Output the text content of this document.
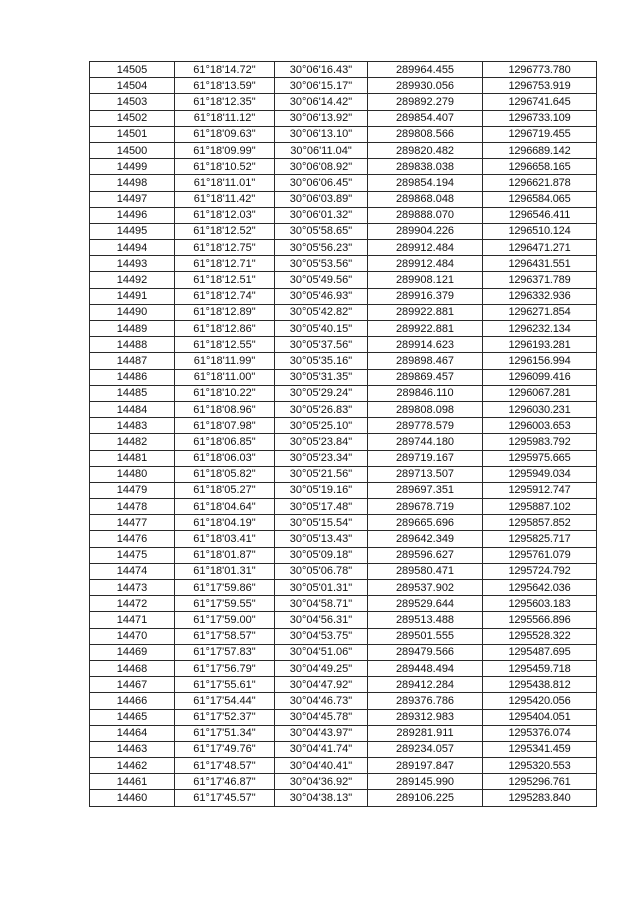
14505	61°18'14.72"	30°06'16.43"	289964.455	1296773.780
14504	61°18'13.59"	30°06'15.17"	289930.056	1296753.919
14503	61°18'12.35"	30°06'14.42"	289892.279	1296741.645
14502	61°18'11.12"	30°06'13.92"	289854.407	1296733.109
14501	61°18'09.63"	30°06'13.10"	289808.566	1296719.455
14500	61°18'09.99"	30°06'11.04"	289820.482	1296689.142
14499	61°18'10.52"	30°06'08.92"	289838.038	1296658.165
14498	61°18'11.01"	30°06'06.45"	289854.194	1296621.878
14497	61°18'11.42"	30°06'03.89"	289868.048	1296584.065
14496	61°18'12.03"	30°06'01.32"	289888.070	1296546.411
14495	61°18'12.52"	30°05'58.65"	289904.226	1296510.124
14494	61°18'12.75"	30°05'56.23"	289912.484	1296471.271
14493	61°18'12.71"	30°05'53.56"	289912.484	1296431.551
14492	61°18'12.51"	30°05'49.56"	289908.121	1296371.789
14491	61°18'12.74"	30°05'46.93"	289916.379	1296332.936
14490	61°18'12.89"	30°05'42.82"	289922.881	1296271.854
14489	61°18'12.86"	30°05'40.15"	289922.881	1296232.134
14488	61°18'12.55"	30°05'37.56"	289914.623	1296193.281
14487	61°18'11.99"	30°05'35.16"	289898.467	1296156.994
14486	61°18'11.00"	30°05'31.35"	289869.457	1296099.416
14485	61°18'10.22"	30°05'29.24"	289846.110	1296067.281
14484	61°18'08.96"	30°05'26.83"	289808.098	1296030.231
14483	61°18'07.98"	30°05'25.10"	289778.579	1296003.653
14482	61°18'06.85"	30°05'23.84"	289744.180	1295983.792
14481	61°18'06.03"	30°05'23.34"	289719.167	1295975.665
14480	61°18'05.82"	30°05'21.56"	289713.507	1295949.034
14479	61°18'05.27"	30°05'19.16"	289697.351	1295912.747
14478	61°18'04.64"	30°05'17.48"	289678.719	1295887.102
14477	61°18'04.19"	30°05'15.54"	289665.696	1295857.852
14476	61°18'03.41"	30°05'13.43"	289642.349	1295825.717
14475	61°18'01.87"	30°05'09.18"	289596.627	1295761.079
14474	61°18'01.31"	30°05'06.78"	289580.471	1295724.792
14473	61°17'59.86"	30°05'01.31"	289537.902	1295642.036
14472	61°17'59.55"	30°04'58.71"	289529.644	1295603.183
14471	61°17'59.00"	30°04'56.31"	289513.488	1295566.896
14470	61°17'58.57"	30°04'53.75"	289501.555	1295528.322
14469	61°17'57.83"	30°04'51.06"	289479.566	1295487.695
14468	61°17'56.79"	30°04'49.25"	289448.494	1295459.718
14467	61°17'55.61"	30°04'47.92"	289412.284	1295438.812
14466	61°17'54.44"	30°04'46.73"	289376.786	1295420.056
14465	61°17'52.37"	30°04'45.78"	289312.983	1295404.051
14464	61°17'51.34"	30°04'43.97"	289281.911	1295376.074
14463	61°17'49.76"	30°04'41.74"	289234.057	1295341.459
14462	61°17'48.57"	30°04'40.41"	289197.847	1295320.553
14461	61°17'46.87"	30°04'36.92"	289145.990	1295296.761
14460	61°17'45.57"	30°04'38.13"	289106.225	1295283.840
